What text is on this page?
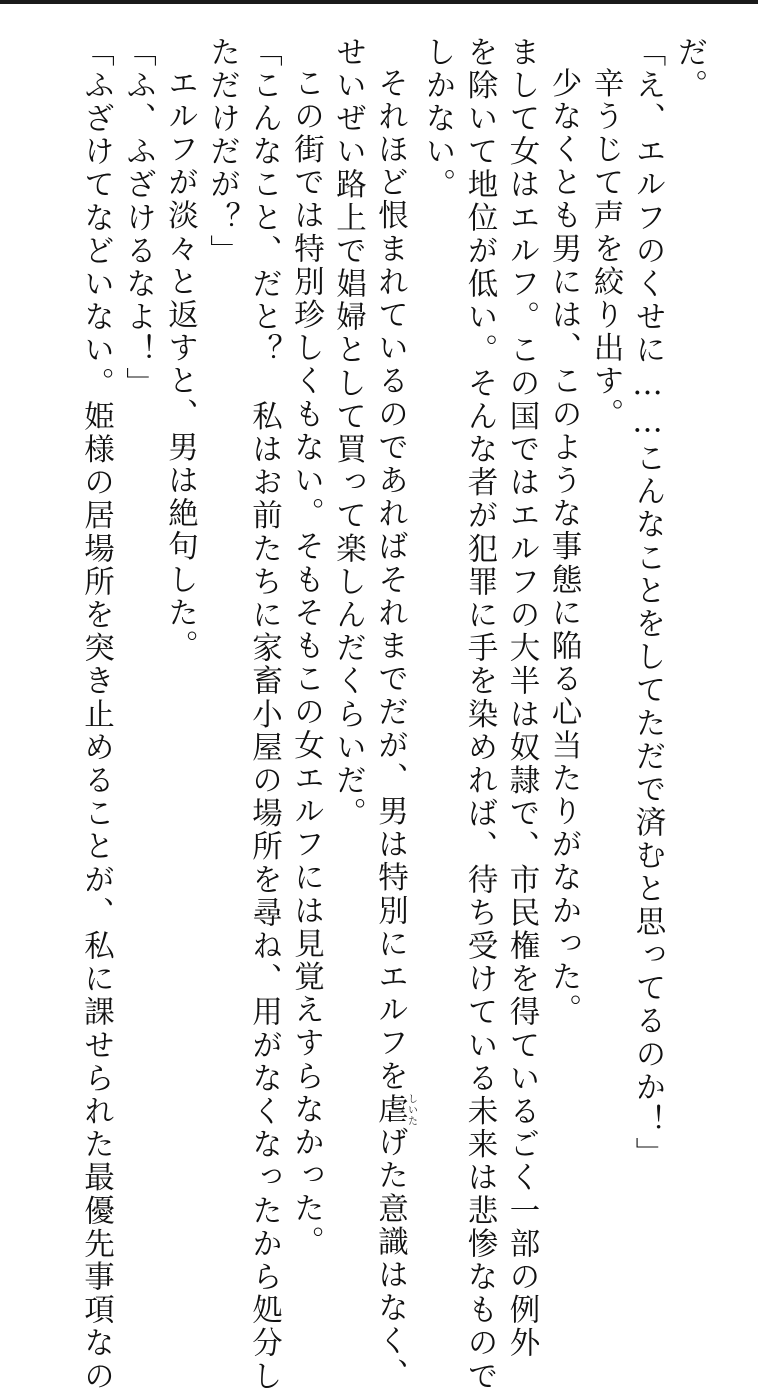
だ。
「え、エルフのくせに……こんなことをしてただで済むと思ってるのか！」
辛うじて声を絞り出す。
少なくとも男には、このような事態に陥る心当たりがなかった。
まして女はエルフ。この国ではエルフの大半は奴隷で、市民権を得ているごく一部の例外
を除いて地位が低い。そんな者が犯罪に手を染めれば、待ち受けている未来は悲惨なもので
しかない。
それほど恨まれているのであればそれまでだが、男は特別にエルフを虐しいたげた意識はなく、
せいぜい路上で娼婦として買って楽しんだくらいだ。
この街では特別珍しくもない。そもそもこの女エルフには見覚えすらなかった。
「こんなこと、だと？　私はお前たちに家畜小屋の場所を尋ね、用がなくなったから処分し
ただけだが？」
エルフが淡々と返すと、男は絶句した。
「ふ、ふざけるなよ！」
「ふざけてなどいない。姫様の居場所を突き止めることが、私に課せられた最優先事項なの
